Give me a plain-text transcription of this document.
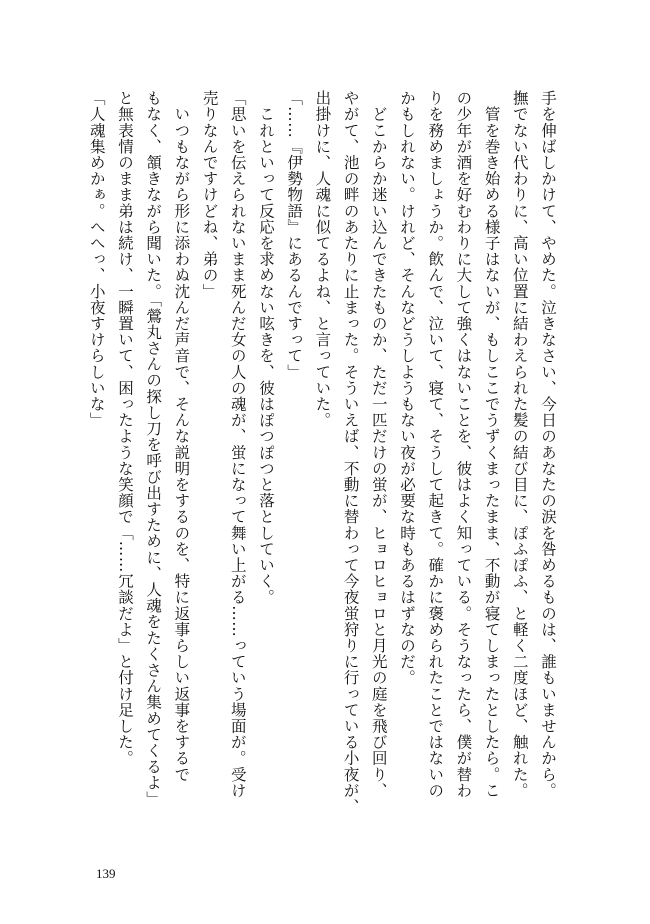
手を伸ばしかけて、やめた。泣きなさい、今日のあなたの涙を咎めるものは、誰もいませんから。
撫でない代わりに、高い位置に結わえられた髪の結び目に、ぽふぽふ、と軽く二度ほど、触れた。
　管を巻き始める様子はないが、もしここでうずくまったまま、不動が寝てしまったとしたら。こ
の少年が酒を好むわりに大して強くはないことを、彼はよく知っている。そうなったら、僕が替わ
りを務めましょうか。飲んで、泣いて、寝て、そうして起きて。確かに褒められたことではないの
かもしれない。けれど、そんなどうしようもない夜が必要な時もあるはずなのだ。
　どこからか迷い込んできたものか、ただ一匹だけの蛍が、ヒョロヒョロと月光の庭を飛び回り、
やがて、池の畔のあたりに止まった。そういえば、不動に替わって今夜蛍狩りに行っている小夜が、
出掛けに、人魂に似てるよね、と言っていた。
「……『伊勢物語』にあるんですって」
　これといって反応を求めない呟きを、彼はぽつぽつと落としていく。
「思いを伝えられないまま死んだ女の人の魂が、蛍になって舞い上がる……っていう場面が。受け
売りなんですけどね、弟の」
　いつもながら形に添わぬ沈んだ声音で、そんな説明をするのを、特に返事らしい返事をするで
もなく、頷きながら聞いた。「鶯丸さんの探し刀を呼び出すために、人魂をたくさん集めてくるよ」
と無表情のまま弟は続け、一瞬置いて、困ったような笑顔で「……冗談だよ」と付け足した。
「人魂集めかぁ。へへっ、小夜すけらしいな」
139
